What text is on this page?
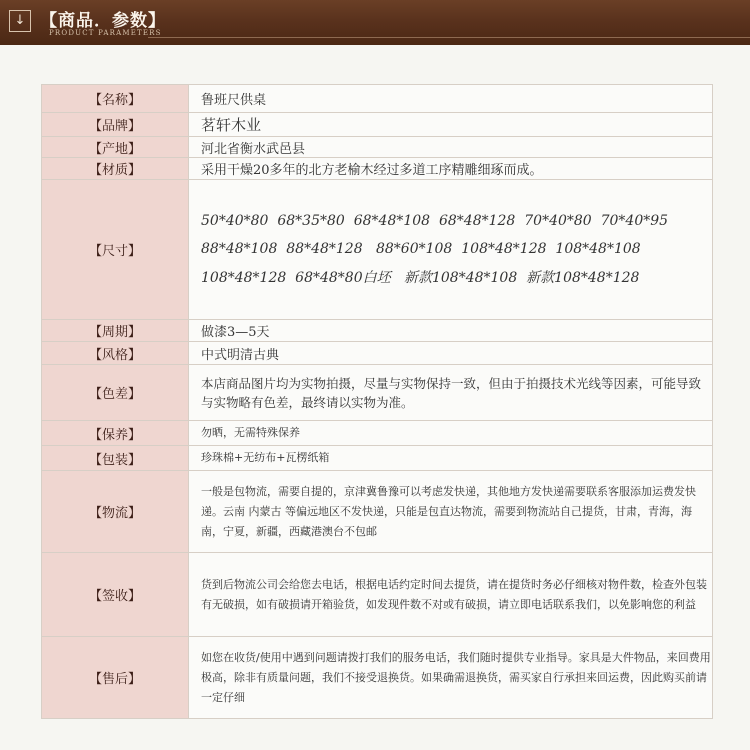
↓ 【商品．参数】
PRODUCT PARAMETERS
【名称】	鲁班尺供桌
【品牌】	茗轩木业
【产地】	河北省衡水武邑县
【材质】	采用干燥20多年的北方老榆木经过多道工序精雕细琢而成。
【尺寸】	50*40*80 68*35*80 68*48*108 68*48*128 70*40*80 70*40*95
88*48*108 88*48*128 88*60*108 108*48*128 108*48*108
108*48*128 68*48*80白坯 新款108*48*108 新款108*48*128

【周期】	做漆3—5天
【风格】	中式明清古典
【色差】	本店商品图片均为实物拍摄，尽量与实物保持一致，但由于拍摄技术光线等因素，可能导致与实物略有色差，最终请以实物为准。
【保养】	勿晒，无需特殊保养
【包装】	珍珠棉+无纺布+瓦楞纸箱
【物流】	一般是包物流，需要自提的，京津冀鲁豫可以考虑发快递，其他地方发快递需要联系客服添加运费发快递。云南 内蒙古 等偏远地区不发快递，只能是包直达物流，需要到物流站自己提货，甘肃，青海，海南，宁夏，新疆，西藏港澳台不包邮
【签收】	货到后物流公司会给您去电话，根据电话约定时间去提货，请在提货时务必仔细核对物件数，检查外包装有无破损，如有破损请开箱验货，如发现件数不对或有破损，请立即电话联系我们，以免影响您的利益
【售后】	如您在收货/使用中遇到问题请拨打我们的服务电话，我们随时提供专业指导。家具是大件物品，来回费用极高，除非有质量问题，我们不接受退换货。如果确需退换货，需买家自行承担来回运费，因此购买前请一定仔细
